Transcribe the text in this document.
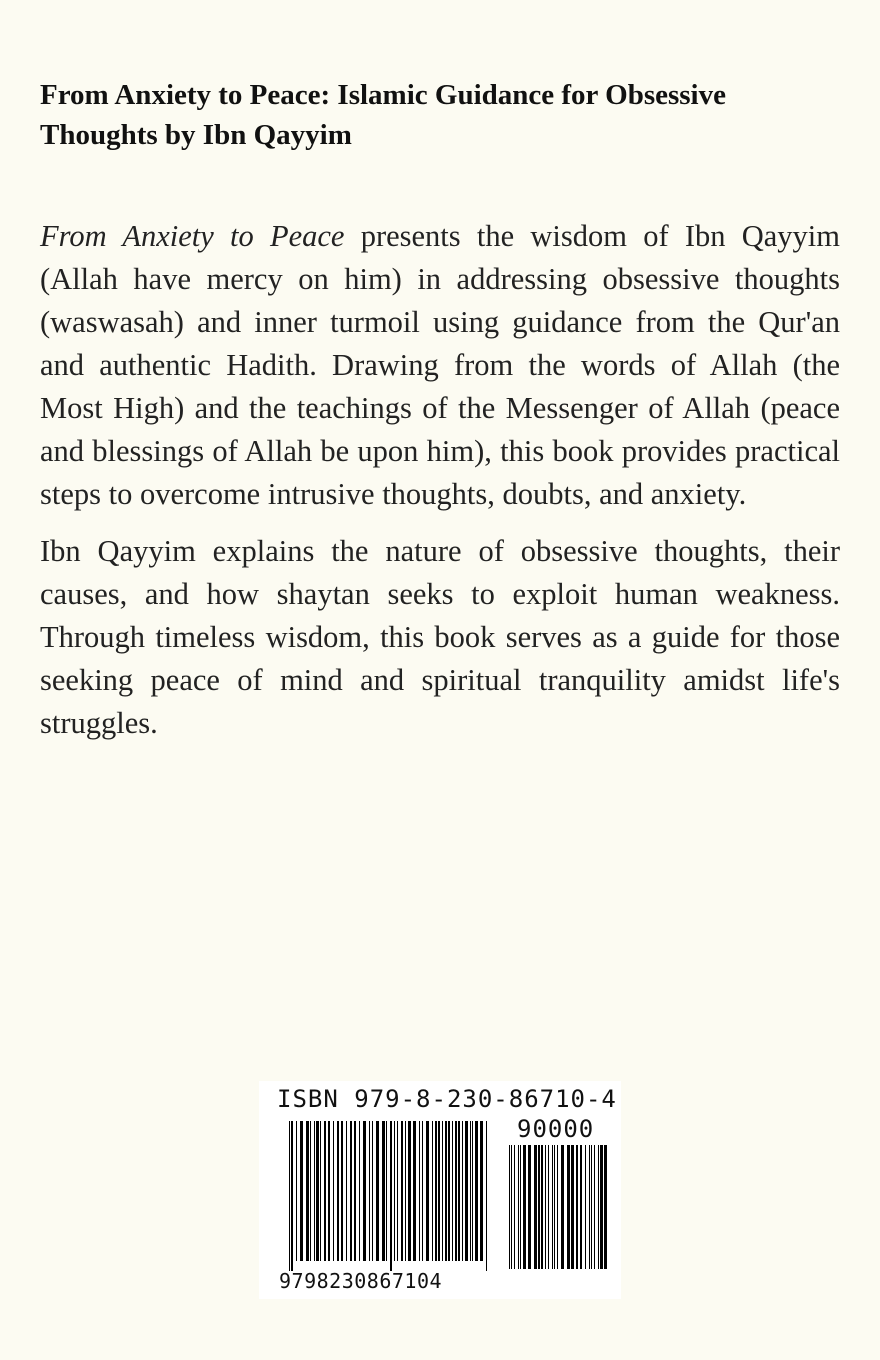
From Anxiety to Peace: Islamic Guidance for Obsessive Thoughts by Ibn Qayyim

From Anxiety to Peace presents the wisdom of Ibn Qayyim (Allah have mercy on him) in addressing obsessive thoughts (waswasah) and inner turmoil using guidance from the Qur'an and authentic Hadith. Drawing from the words of Allah (the Most High) and the teachings of the Messenger of Allah (peace and blessings of Allah be upon him), this book provides practical steps to overcome intrusive thoughts, doubts, and anxiety.

Ibn Qayyim explains the nature of obsessive thoughts, their causes, and how shaytan seeks to exploit human weakness. Through timeless wisdom, this book serves as a guide for those seeking peace of mind and spiritual tranquility amidst life's struggles.

ISBN 979-8-230-86710-4
90000
9798230867104
